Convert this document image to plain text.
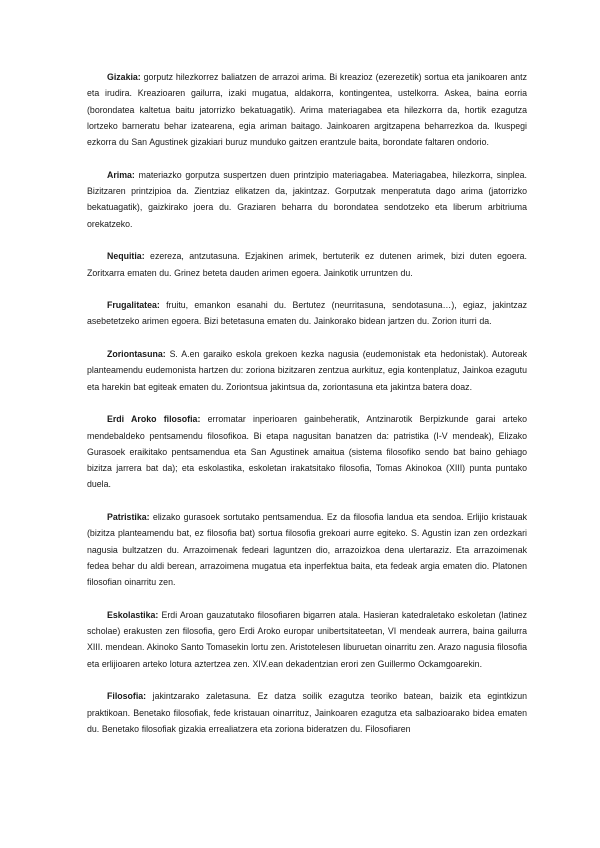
Gizakia: gorputz hilezkorrez baliatzen de arrazoi arima. Bi kreazioz (ezerezetik) sortua eta janikoaren antz eta irudira. Kreazioaren gailurra, izaki mugatua, aldakorra, kontingentea, ustelkorra. Askea, baina eorria (borondatea kaltetua baitu jatorrizko bekatuagatik). Arima materiagabea eta hilezkorra da, hortik ezagutza lortzeko barneratu behar izatearena, egia ariman baitago. Jainkoaren argitzapena beharrezkoa da. Ikuspegi ezkorra du San Agustinek gizakiari buruz munduko gaitzen erantzule baita, borondate faltaren ondorio.

Arima: materiazko gorputza suspertzen duen printzipio materiagabea. Materiagabea, hilezkorra, sinplea. Bizitzaren printzipioa da. Zientziaz elikatzen da, jakintzaz. Gorputzak menperatuta dago arima (jatorrizko bekatuagatik), gaizkirako joera du. Graziaren beharra du borondatea sendotzeko eta liberum arbitriuma orekatzeko.

Nequitia: ezereza, antzutasuna. Ezjakinen arimek, bertuterik ez dutenen arimek, bizi duten egoera. Zoritxarra ematen du. Grinez beteta dauden arimen egoera. Jainkotik urruntzen du.

Frugalitatea: fruitu, emankon esanahi du. Bertutez (neurritasuna, sendotasuna…), egiaz, jakintzaz asebetetzeko arimen egoera. Bizi betetasuna ematen du. Jainkorako bidean jartzen du. Zorion iturri da.

Zoriontasuna: S. A.en garaiko eskola grekoen kezka nagusia (eudemonistak eta hedonistak). Autoreak planteamendu eudemonista hartzen du: zoriona bizitzaren zentzua aurkituz, egia kontenplatuz, Jainkoa ezagutu eta harekin bat egiteak ematen du. Zoriontsua jakintsua da, zoriontasuna eta jakintza batera doaz.

Erdi Aroko filosofia: erromatar inperioaren gainbeheratik, Antzinarotik Berpizkunde garai arteko mendebaldeko pentsamendu filosofikoa. Bi etapa nagusitan banatzen da: patristika (I-V mendeak), Elizako Gurasoek eraikitako pentsamendua eta San Agustinek amaitua (sistema filosofiko sendo bat baino gehiago bizitza jarrera bat da); eta eskolastika, eskoletan irakatsitako filosofia, Tomas Akinokoa (XIII) punta puntako duela.

Patristika: elizako gurasoek sortutako pentsamendua. Ez da filosofia landua eta sendoa. Erlijio kristauak (bizitza planteamendu bat, ez filosofia bat) sortua filosofia grekoari aurre egiteko. S. Agustin izan zen ordezkari nagusia bultzatzen du. Arrazoimenak fedeari laguntzen dio, arrazoizkoa dena ulertaraziz. Eta arrazoimenak fedea behar du aldi berean, arrazoimena mugatua eta inperfektua baita, eta fedeak argia ematen dio. Platonen filosofian oinarritu zen.

Eskolastika: Erdi Aroan gauzatutako filosofiaren bigarren atala. Hasieran katedraletako eskoletan (latinez scholae) erakusten zen filosofia, gero Erdi Aroko europar unibertsitateetan, VI mendeak aurrera, baina gailurra XIII. mendean. Akinoko Santo Tomasekin lortu zen. Aristotelesen liburuetan oinarritu zen. Arazo nagusia filosofia eta erlijioaren arteko lotura aztertzea zen. XIV.ean dekadentzian erori zen Guillermo Ockamgoarekin.

Filosofia: jakintzarako zaletasuna. Ez datza soilik ezagutza teoriko batean, baizik eta egintkizun praktikoan. Benetako filosofiak, fede kristauan oinarrituz, Jainkoaren ezagutza eta salbazioarako bidea ematen du. Benetako filosofiak gizakia errealiatzera eta zoriona bideratzen du. Filosofiaren
